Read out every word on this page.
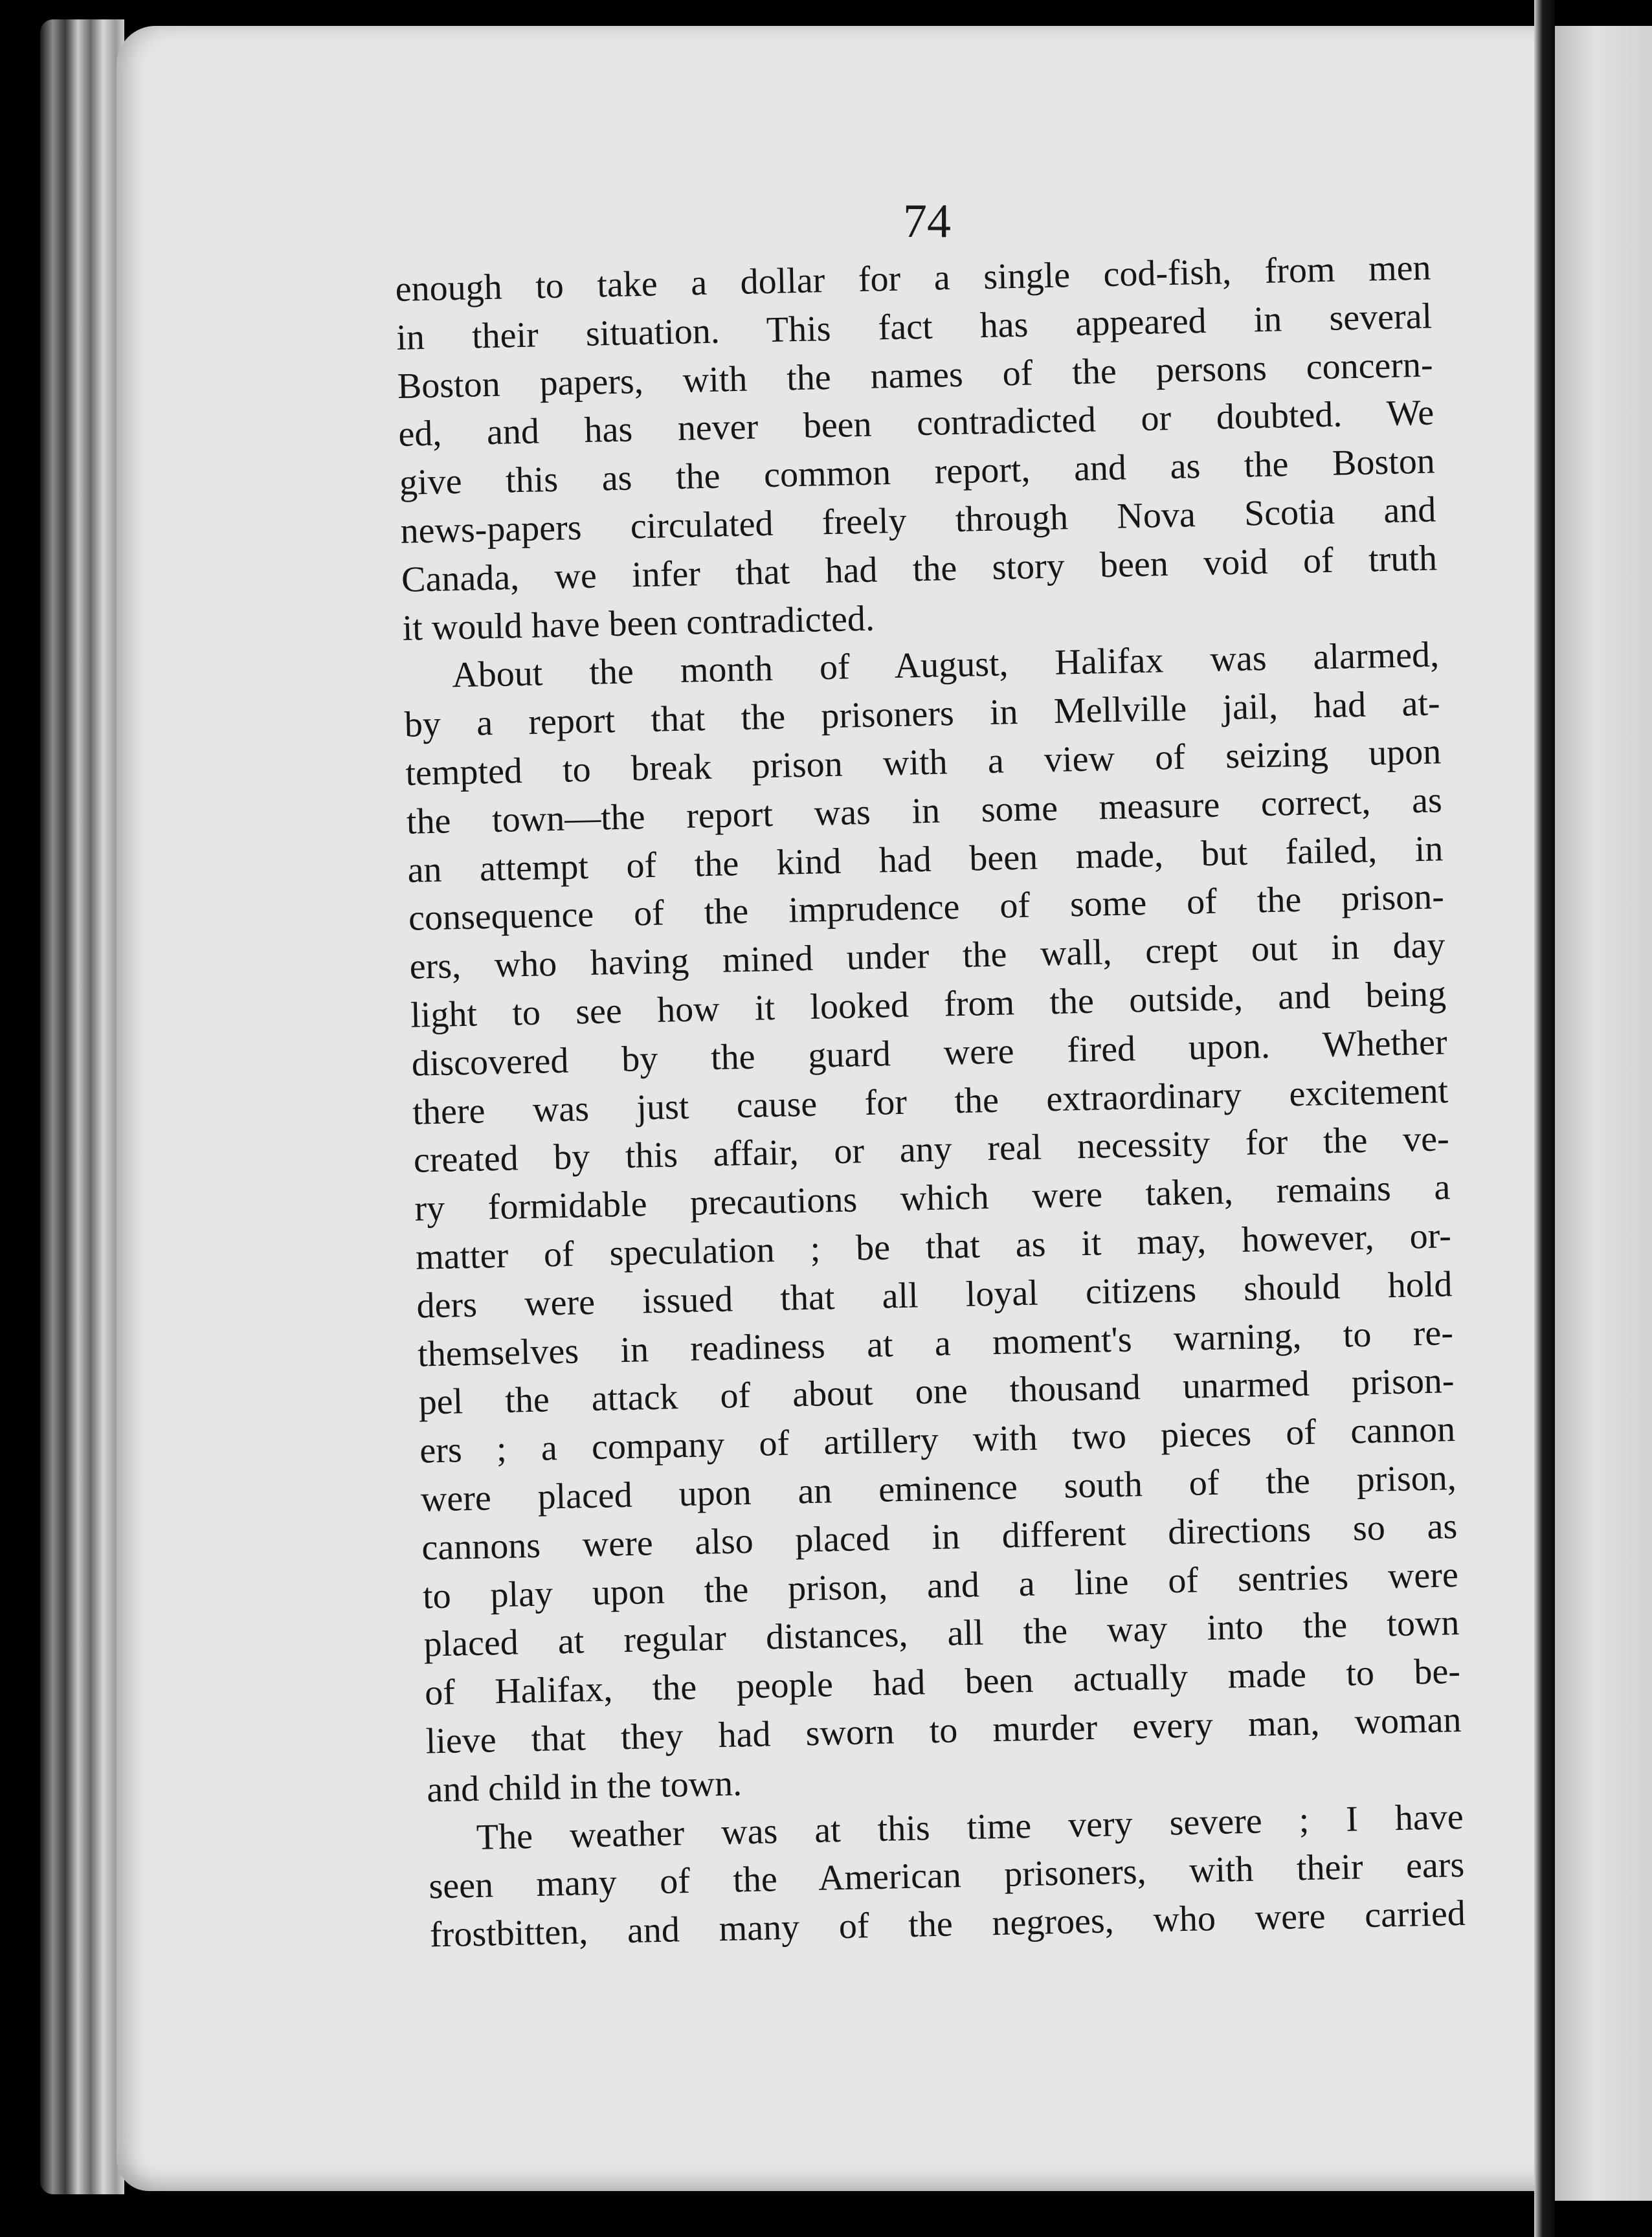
74
enough to take a dollar for a single cod-fish, from men
in their situation. This fact has appeared in several
Boston papers, with the names of the persons concern-
ed, and has never been contradicted or doubted. We
give this as the common report, and as the Boston
news-papers circulated freely through Nova Scotia and
Canada, we infer that had the story been void of truth
it would have been contradicted.
About the month of August, Halifax was alarmed,
by a report that the prisoners in Mellville jail, had at-
tempted to break prison with a view of seizing upon
the town—the report was in some measure correct, as
an attempt of the kind had been made, but failed, in
consequence of the imprudence of some of the prison-
ers, who having mined under the wall, crept out in day
light to see how it looked from the outside, and being
discovered by the guard were fired upon. Whether
there was just cause for the extraordinary excitement
created by this affair, or any real necessity for the ve-
ry formidable precautions which were taken, remains a
matter of speculation ; be that as it may, however, or-
ders were issued that all loyal citizens should hold
themselves in readiness at a moment's warning, to re-
pel the attack of about one thousand unarmed prison-
ers ; a company of artillery with two pieces of cannon
were placed upon an eminence south of the prison,
cannons were also placed in different directions so as
to play upon the prison, and a line of sentries were
placed at regular distances, all the way into the town
of Halifax, the people had been actually made to be-
lieve that they had sworn to murder every man, woman
and child in the town.
The weather was at this time very severe ; I have
seen many of the American prisoners, with their ears
frostbitten, and many of the negroes, who were carried
